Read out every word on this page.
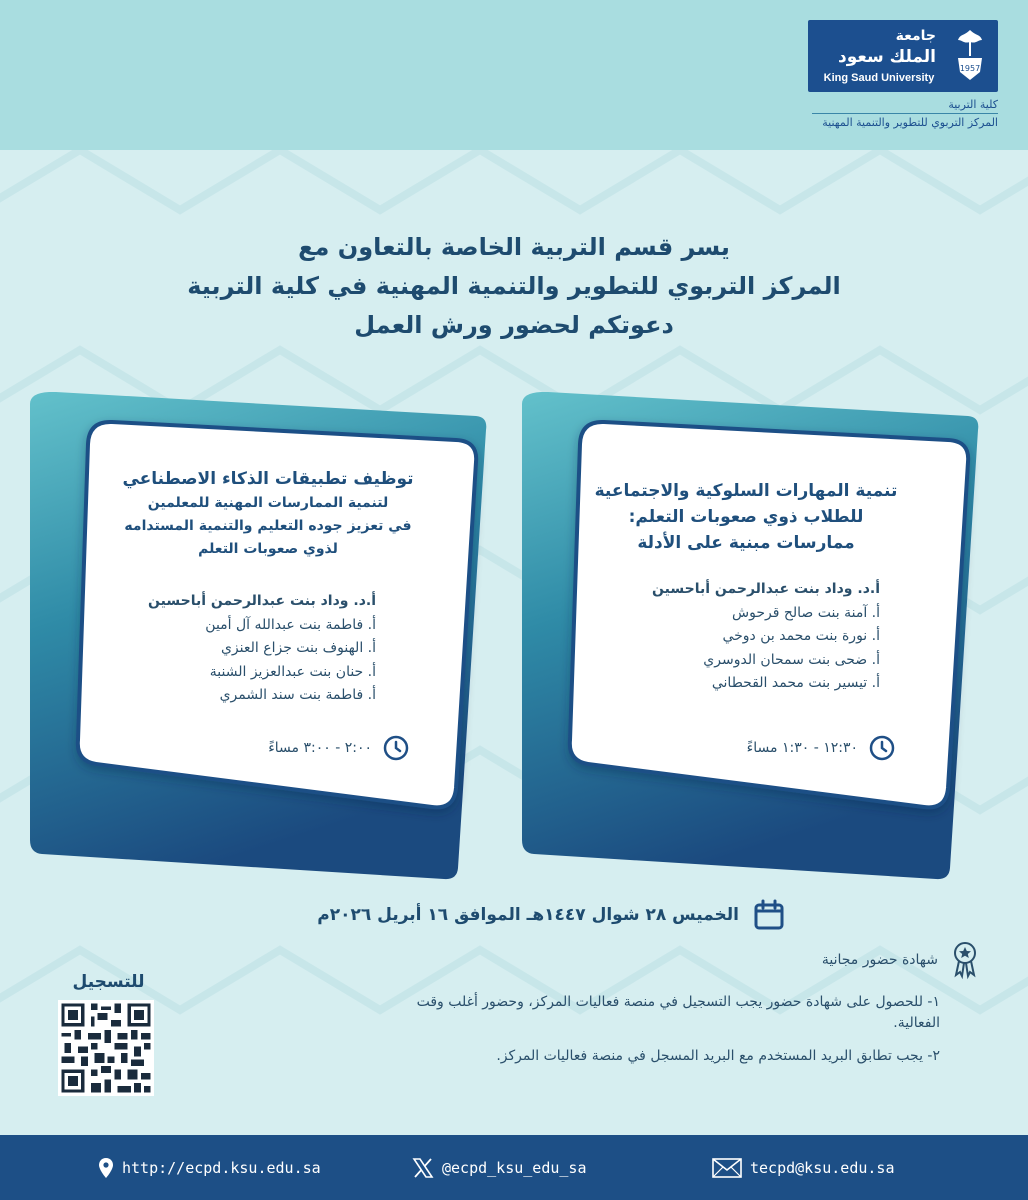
جامعة
الملك سعود
King Saud University
1957
كلية التربية
المركز التربوي للتطوير والتنمية المهنية
يسر قسم التربية الخاصة بالتعاون مع
المركز التربوي للتطوير والتنمية المهنية في كلية التربية
دعوتكم لحضور ورش العمل
تنمية المهارات السلوكية والاجتماعية
للطلاب ذوي صعوبات التعلم:
ممارسات مبنية على الأدلة
أ.د. وداد بنت عبدالرحمن أباحسين
أ. آمنة بنت صالح قرحوش
أ. نورة بنت محمد بن دوخي
أ. ضحى بنت سمحان الدوسري
أ. تيسير بنت محمد القحطاني
١٢:٣٠ - ١:٣٠ مساءً
توظيف تطبيقات الذكاء الاصطناعي
لتنمية الممارسات المهنية للمعلمين
في تعزيز جوده التعليم والتنمية المستدامه
لذوي صعوبات التعلم
أ.د. وداد بنت عبدالرحمن أباحسين
أ. فاطمة بنت عبدالله آل أمين
أ. الهنوف بنت جزاع العنزي
أ. حنان بنت عبدالعزيز الشنبة
أ. فاطمة بنت سند الشمري
٢:٠٠ - ٣:٠٠ مساءً
الخميس ٢٨ شوال ١٤٤٧هـ الموافق ١٦ أبريل ٢٠٢٦م
شهادة حضور مجانية
١- للحصول على شهادة حضور يجب التسجيل في منصة فعاليات المركز، وحضور أغلب وقت الفعالية.
٢- يجب تطابق البريد المستخدم مع البريد المسجل في منصة فعاليات المركز.
للتسجيل
http://ecpd.ksu.edu.sa	@ecpd_ksu_edu_sa	tecpd@ksu.edu.sa
